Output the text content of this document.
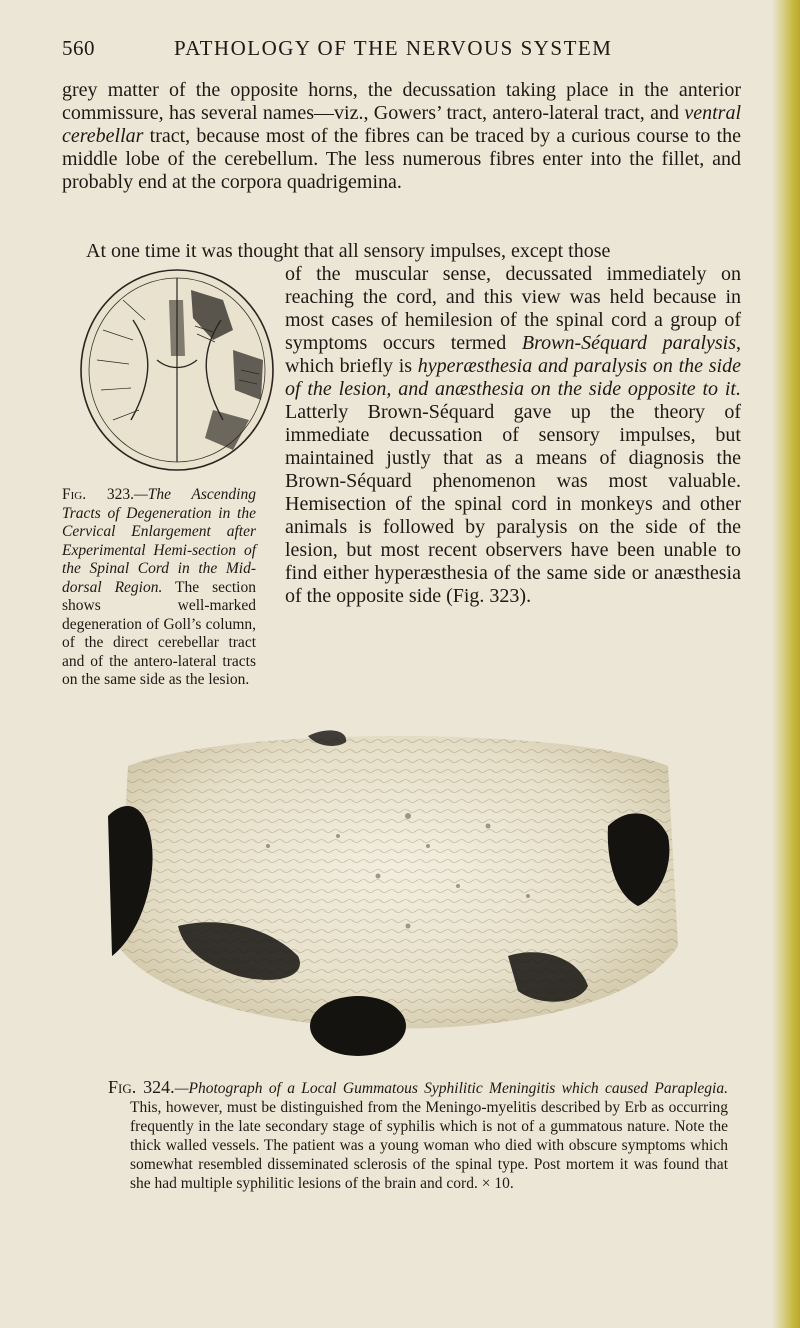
560	PATHOLOGY OF THE NERVOUS SYSTEM
grey matter of the opposite horns, the decussation taking place in the anterior commissure, has several names—viz., Gowers’ tract, antero-lateral tract, and ventral cerebellar tract, because most of the fibres can be traced by a curious course to the middle lobe of the cerebellum. The less numerous fibres enter into the fillet, and probably end at the corpora quadrigemina.
At one time it was thought that all sensory impulses, except those
of the muscular sense, decussated immediately on reaching the cord, and this view was held because in most cases of hemilesion of the spinal cord a group of symptoms occurs termed Brown-Séquard paralysis, which briefly is hyperæsthesia and paralysis on the side of the lesion, and anæsthesia on the side opposite to it. Latterly Brown-Séquard gave up the theory of immediate decussation of sensory impulses, but maintained justly that as a means of diagnosis the Brown-Séquard phenomenon was most valuable. Hemisection of the spinal cord in monkeys and other animals is followed by paralysis on the side of the lesion, but most recent observers have been unable to find either hyperæsthesia of the same side or anæsthesia of the opposite side (Fig. 323).
Fig. 323.—The Ascending Tracts of Degeneration in the Cervical Enlargement after Experimental Hemi-section of the Spinal Cord in the Mid-dorsal Region. The section shows well-marked degeneration of Goll’s column, of the direct cerebellar tract and of the antero-lateral tracts on the same side as the lesion.
Fig. 324.—Photograph of a Local Gummatous Syphilitic Meningitis which caused Paraplegia. This, however, must be distinguished from the Meningo-myelitis described by Erb as occurring frequently in the late secondary stage of syphilis which is not of a gummatous nature. Note the thick walled vessels. The patient was a young woman who died with obscure symptoms which somewhat resembled disseminated sclerosis of the spinal type. Post mortem it was found that she had multiple syphilitic lesions of the brain and cord. × 10.
